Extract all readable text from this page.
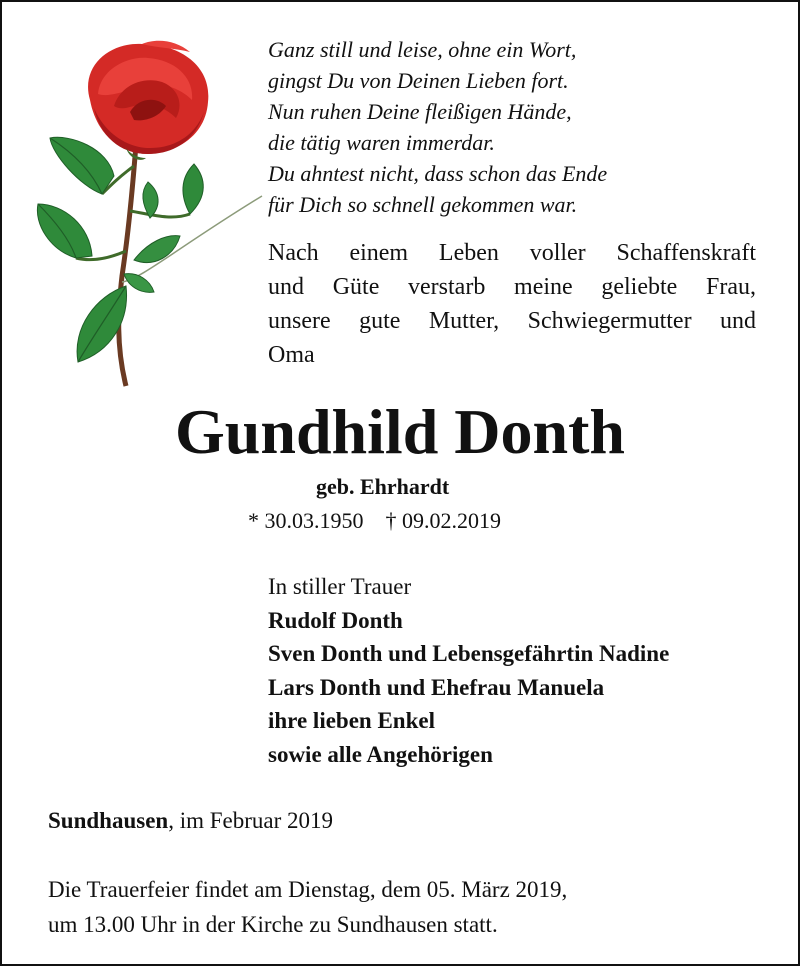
Ganz still und leise, ohne ein Wort,
gingst Du von Deinen Lieben fort.
Nun ruhen Deine fleißigen Hände,
die tätig waren immerdar.
Du ahntest nicht, dass schon das Ende
für Dich so schnell gekommen war.
Nach einem Leben voller Schaffenskraft
und Güte verstarb meine geliebte Frau,
unsere gute Mutter, Schwiegermutter und
Oma
Gundhild Donth
geb. Ehrhardt
* 30.03.1950 † 09.02.2019
In stiller Trauer
Rudolf Donth
Sven Donth und Lebensgefährtin Nadine
Lars Donth und Ehefrau Manuela
ihre lieben Enkel
sowie alle Angehörigen
Sundhausen, im Februar 2019
Die Trauerfeier findet am Dienstag, dem 05. März 2019,
um 13.00 Uhr in der Kirche zu Sundhausen statt.
